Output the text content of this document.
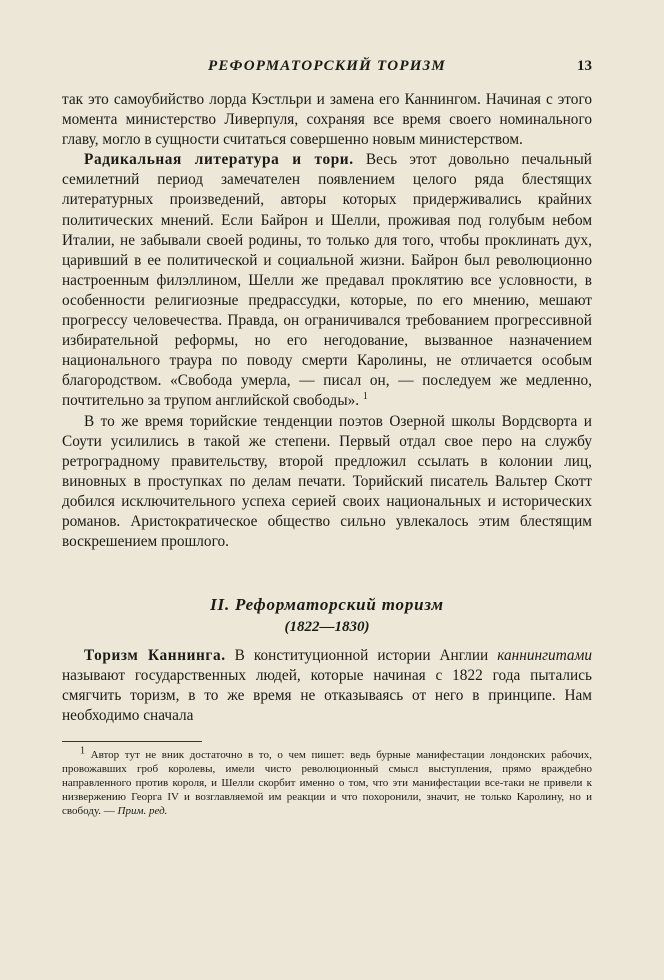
РЕФОРМАТОРСКИЙ ТОРИЗМ	13

так это самоубийство лорда Кэстльри и замена его Каннингом. Начиная с этого момента министерство Ливерпуля, сохраняя все время своего номинального главу, могло в сущности считаться совершенно новым министерством.

Радикальная литература и тори. Весь этот довольно печальный семилетний период замечателен появлением целого ряда блестящих литературных произведений, авторы которых придерживались крайних политических мнений. Если Байрон и Шелли, проживая под голубым небом Италии, не забывали своей родины, то только для того, чтобы проклинать дух, царивший в ее политической и социальной жизни. Байрон был революционно настроенным филэллином, Шелли же предавал проклятию все условности, в особенности религиозные предрассудки, которые, по его мнению, мешают прогрессу человечества. Правда, он ограничивался требованием прогрессивной избирательной реформы, но его негодование, вызванное назначением национального траура по поводу смерти Каролины, не отличается особым благородством. «Свобода умерла, — писал он, — последуем же медленно, почтительно за трупом английской свободы». $^1$

В то же время торийские тенденции поэтов Озерной школы Вордсворта и Соути усилились в такой же степени. Первый отдал свое перо на службу ретроградному правительству, второй предложил ссылать в колонии лиц, виновных в проступках по делам печати. Торийский писатель Вальтер Скотт добился исключительного успеха серией своих национальных и исторических романов. Аристократическое общество сильно увлекалось этим блестящим воскрешением прошлого.

II. Реформаторский торизм
(1822—1830)

Торизм Каннинга. В конституционной истории Англии каннингитами называют государственных людей, которые начиная с 1822 года пытались смягчить торизм, в то же время не отказываясь от него в принципе. Нам необходимо сначала

$^1$ Автор тут не вник достаточно в то, о чем пишет: ведь бурные манифестации лондонских рабочих, провожавших гроб королевы, имели чисто революционный смысл выступления, прямо враждебно направленного против короля, и Шелли скорбит именно о том, что эти манифестации все-таки не привели к низвержению Георга IV и возглавляемой им реакции и что похоронили, значит, не только Каролину, но и свободу. — Прим. ред.
